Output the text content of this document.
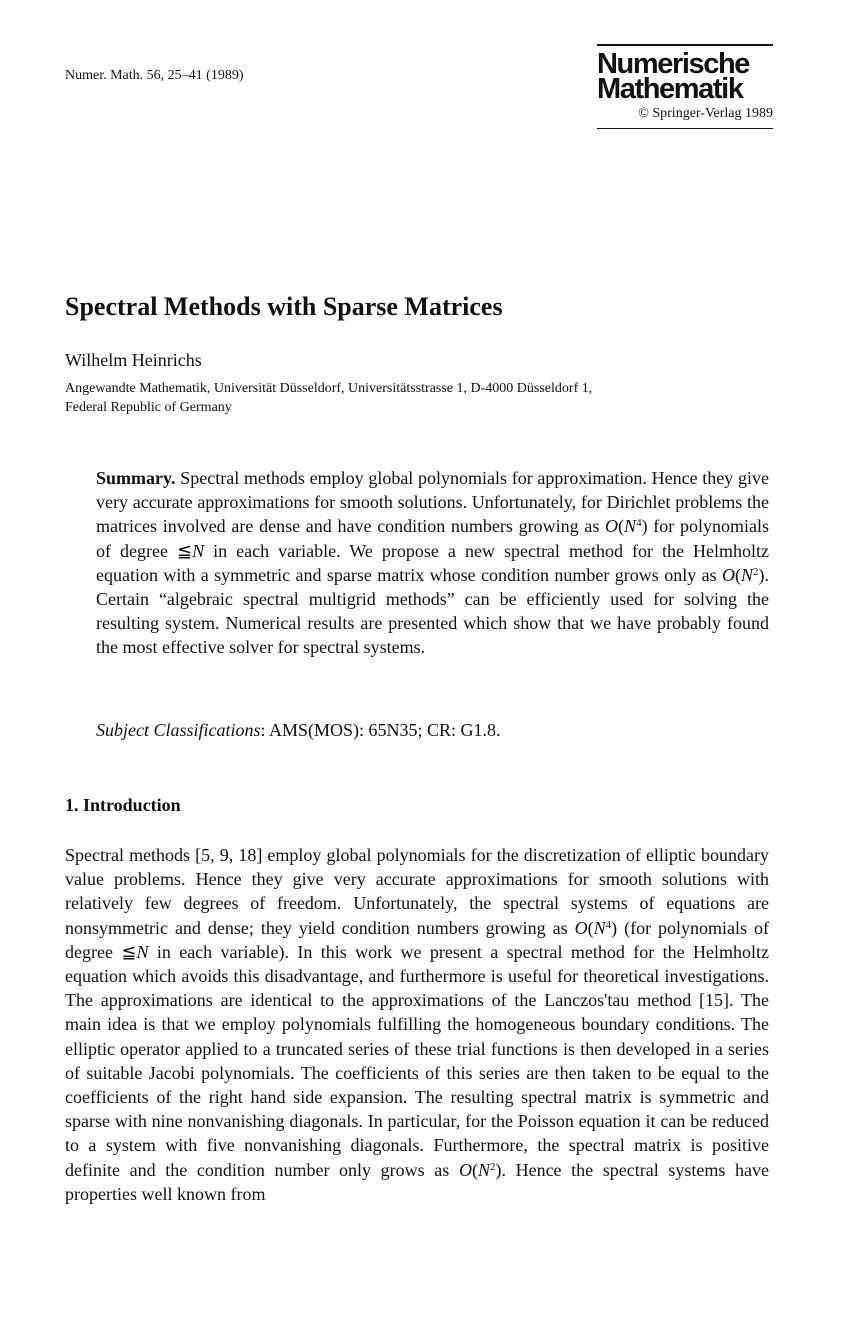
Numer. Math. 56, 25–41 (1989)	Numerische
Mathematik
© Springer-Verlag 1989
Spectral Methods with Sparse Matrices
Wilhelm Heinrichs
Angewandte Mathematik, Universität Düsseldorf, Universitätsstrasse 1, D-4000 Düsseldorf 1,
Federal Republic of Germany
Summary. Spectral methods employ global polynomials for approximation. Hence they give very accurate approximations for smooth solutions. Unfortunately, for Dirichlet problems the matrices involved are dense and have condition numbers growing as $O(N^4)$ for polynomials of degree ≦N in each variable. We propose a new spectral method for the Helmholtz equation with a symmetric and sparse matrix whose condition number grows only as $O(N^2)$. Certain “algebraic spectral multigrid methods” can be efficiently used for solving the resulting system. Numerical results are presented which show that we have probably found the most effective solver for spectral systems.
Subject Classifications: AMS(MOS): 65N35; CR: G1.8.
1. Introduction

Spectral methods [5, 9, 18] employ global polynomials for the discretization of elliptic boundary value problems. Hence they give very accurate approximations for smooth solutions with relatively few degrees of freedom. Unfortunately, the spectral systems of equations are nonsymmetric and dense; they yield condition numbers growing as $O(N^4)$ (for polynomials of degree ≦N in each variable). In this work we present a spectral method for the Helmholtz equation which avoids this disadvantage, and furthermore is useful for theoretical investigations. The approximations are identical to the approximations of the Lanczos'tau method [15]. The main idea is that we employ polynomials fulfilling the homogeneous boundary conditions. The elliptic operator applied to a truncated series of these trial functions is then developed in a series of suitable Jacobi polynomials. The coefficients of this series are then taken to be equal to the coefficients of the right hand side expansion. The resulting spectral matrix is symmetric and sparse with nine nonvanishing diagonals. In particular, for the Poisson equation it can be reduced to a system with five nonvanishing diagonals. Furthermore, the spectral matrix is positive definite and the condition number only grows as $O(N^2)$. Hence the spectral systems have properties well known from
